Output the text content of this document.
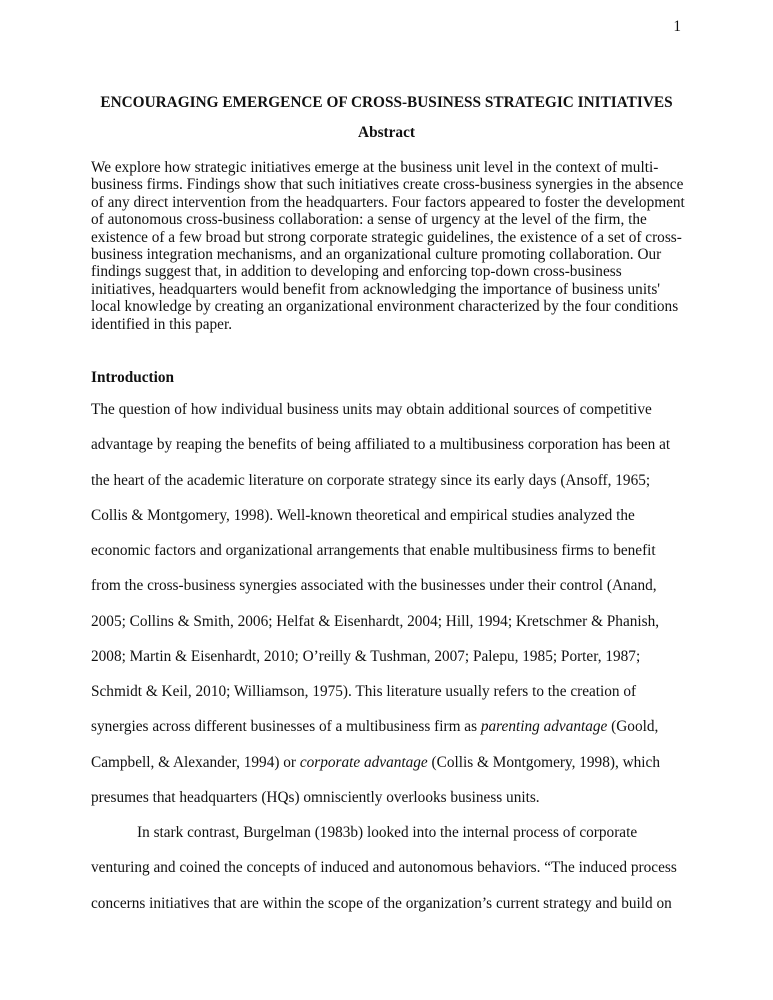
1
ENCOURAGING EMERGENCE OF CROSS-BUSINESS STRATEGIC INITIATIVES
Abstract
We explore how strategic initiatives emerge at the business unit level in the context of multi-
business firms. Findings show that such initiatives create cross-business synergies in the absence
of any direct intervention from the headquarters. Four factors appeared to foster the development
of autonomous cross-business collaboration: a sense of urgency at the level of the firm, the
existence of a few broad but strong corporate strategic guidelines, the existence of a set of cross-
business integration mechanisms, and an organizational culture promoting collaboration. Our
findings suggest that, in addition to developing and enforcing top-down cross-business
initiatives, headquarters would benefit from acknowledging the importance of business units'
local knowledge by creating an organizational environment characterized by the four conditions
identified in this paper.
Introduction
The question of how individual business units may obtain additional sources of competitive
advantage by reaping the benefits of being affiliated to a multibusiness corporation has been at
the heart of the academic literature on corporate strategy since its early days (Ansoff, 1965;
Collis & Montgomery, 1998). Well-known theoretical and empirical studies analyzed the
economic factors and organizational arrangements that enable multibusiness firms to benefit
from the cross-business synergies associated with the businesses under their control (Anand,
2005; Collins & Smith, 2006; Helfat & Eisenhardt, 2004; Hill, 1994; Kretschmer & Phanish,
2008; Martin & Eisenhardt, 2010; O’reilly & Tushman, 2007; Palepu, 1985; Porter, 1987;
Schmidt & Keil, 2010; Williamson, 1975). This literature usually refers to the creation of
synergies across different businesses of a multibusiness firm as parenting advantage (Goold,
Campbell, & Alexander, 1994) or corporate advantage (Collis & Montgomery, 1998), which
presumes that headquarters (HQs) omnisciently overlooks business units.
In stark contrast, Burgelman (1983b) looked into the internal process of corporate
venturing and coined the concepts of induced and autonomous behaviors. “The induced process
concerns initiatives that are within the scope of the organization’s current strategy and build on
